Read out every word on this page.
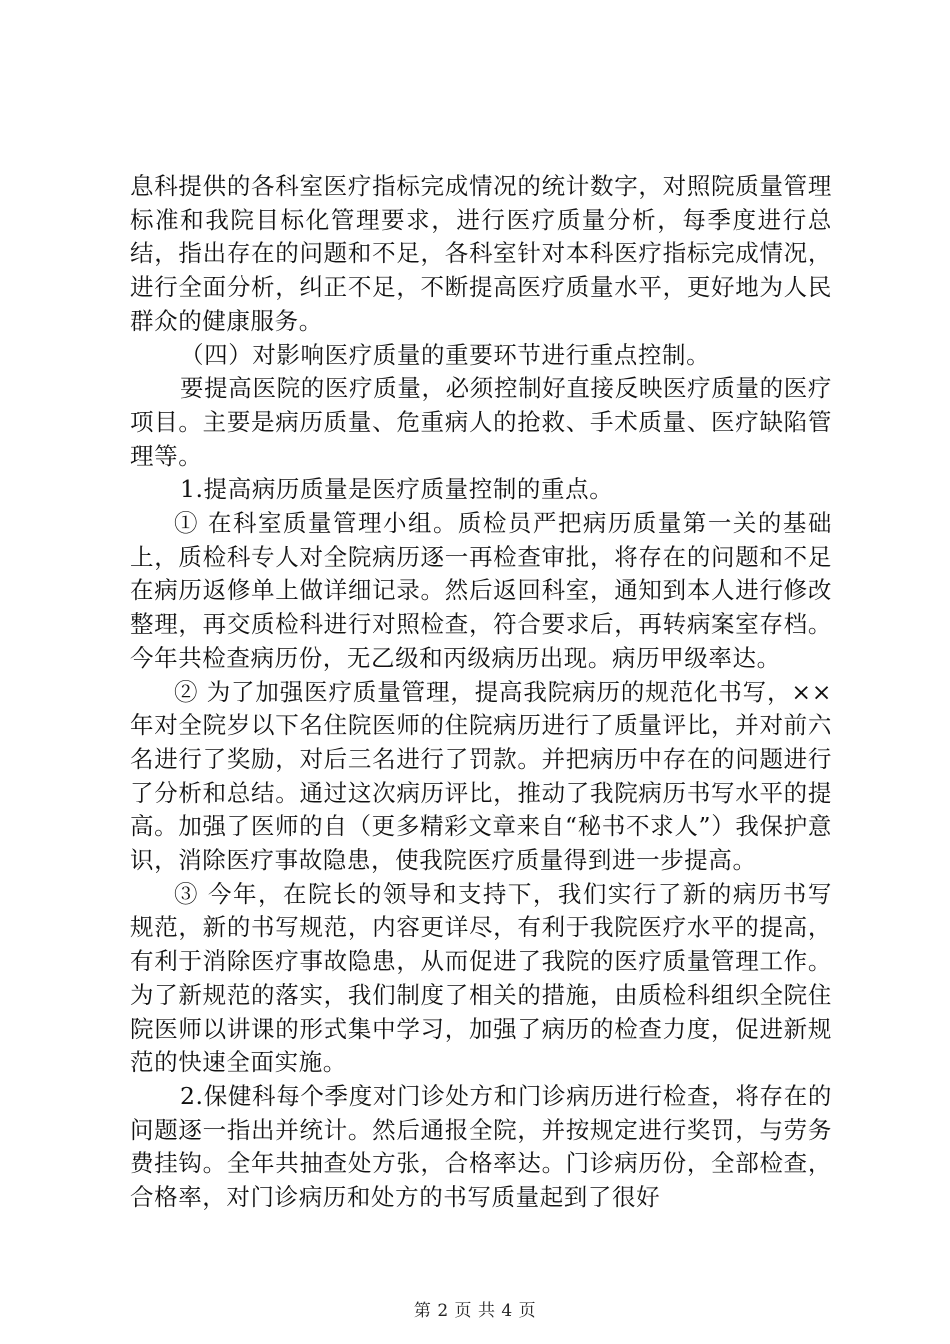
息科提供的各科室医疗指标完成情况的统计数字，对照院质量管理标准和我院目标化管理要求，进行医疗质量分析，每季度进行总结，指出存在的问题和不足，各科室针对本科医疗指标完成情况，进行全面分析，纠正不足，不断提高医疗质量水平，更好地为人民群众的健康服务。

（四）对影响医疗质量的重要环节进行重点控制。

要提高医院的医疗质量，必须控制好直接反映医疗质量的医疗项目。主要是病历质量、危重病人的抢救、手术质量、医疗缺陷管理等。

1.提高病历质量是医疗质量控制的重点。

① 在科室质量管理小组。质检员严把病历质量第一关的基础上，质检科专人对全院病历逐一再检查审批，将存在的问题和不足在病历返修单上做详细记录。然后返回科室，通知到本人进行修改整理，再交质检科进行对照检查，符合要求后，再转病案室存档。今年共检查病历份，无乙级和丙级病历出现。病历甲级率达。

② 为了加强医疗质量管理，提高我院病历的规范化书写，××年对全院岁以下名住院医师的住院病历进行了质量评比，并对前六名进行了奖励，对后三名进行了罚款。并把病历中存在的问题进行了分析和总结。通过这次病历评比，推动了我院病历书写水平的提高。加强了医师的自（更多精彩文章来自“秘书不求人”）我保护意识，消除医疗事故隐患，使我院医疗质量得到进一步提高。

③ 今年，在院长的领导和支持下，我们实行了新的病历书写规范，新的书写规范，内容更详尽，有利于我院医疗水平的提高，有利于消除医疗事故隐患，从而促进了我院的医疗质量管理工作。为了新规范的落实，我们制度了相关的措施，由质检科组织全院住院医师以讲课的形式集中学习，加强了病历的检查力度，促进新规范的快速全面实施。

2.保健科每个季度对门诊处方和门诊病历进行检查，将存在的问题逐一指出并统计。然后通报全院，并按规定进行奖罚，与劳务费挂钩。全年共抽查处方张，合格率达。门诊病历份，全部检查，合格率，对门诊病历和处方的书写质量起到了很好

第 2 页 共 4 页
